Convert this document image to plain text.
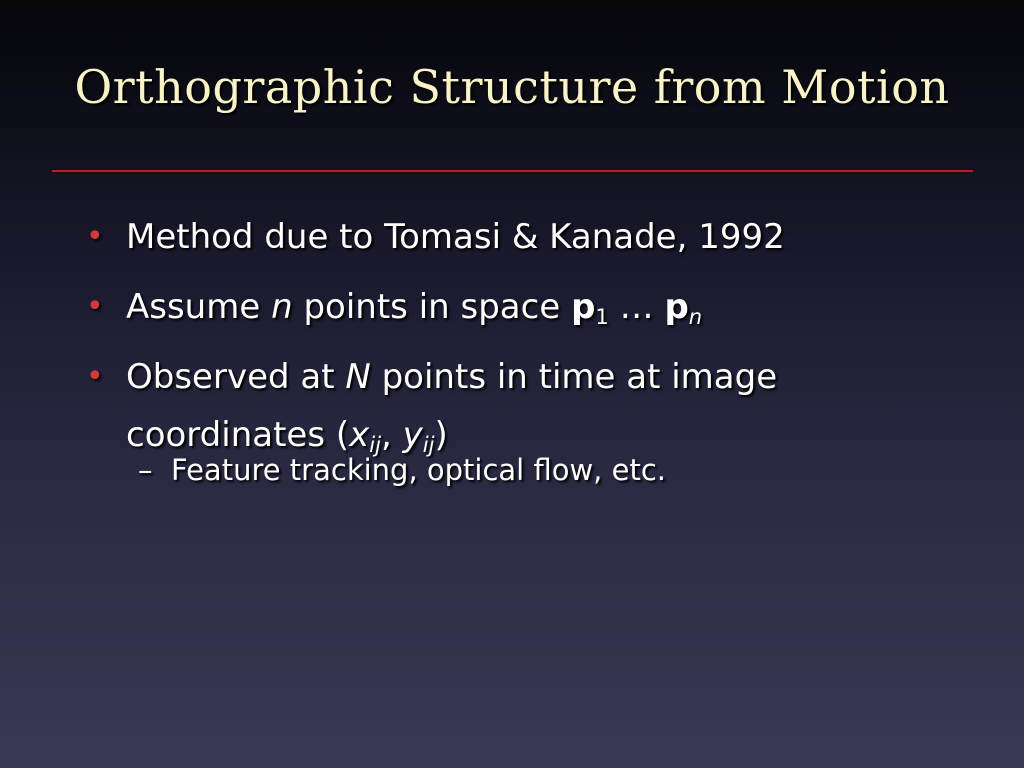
Orthographic Structure from Motion
• Method due to Tomasi & Kanade, 1992
• Assume n points in space $p_1$ … $p_n$
• Observed at N points in time at image
coordinates ($x_{ij}$, $y_{ij}$)
– Feature tracking, optical flow, etc.
